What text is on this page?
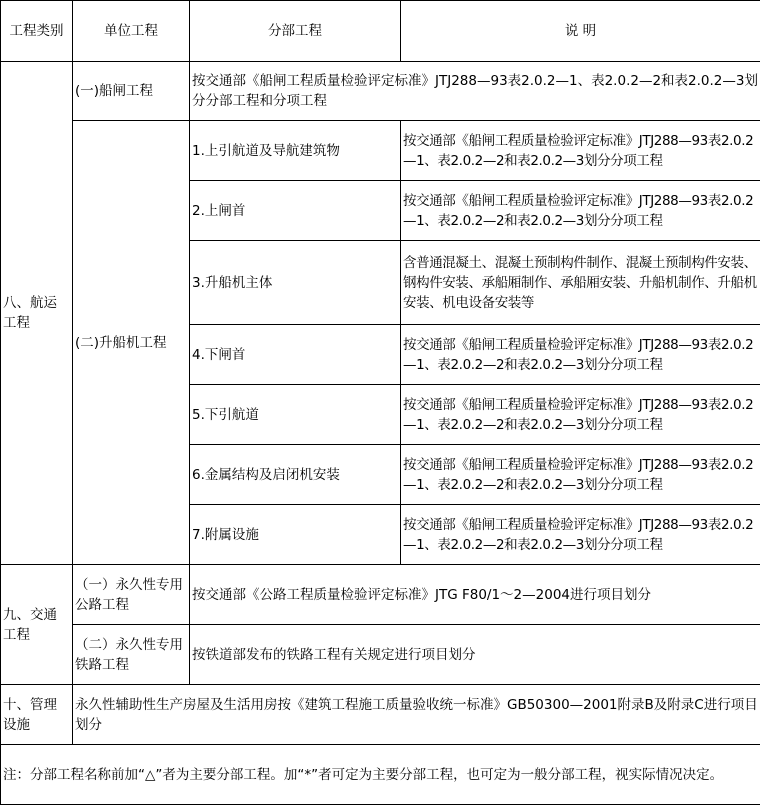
工程类别	单位工程	分部工程	说 明
八、航运工程	(一)船闸工程	按交通部《船闸工程质量检验评定标准》JTJ288—93表2.0.2—1、表2.0.2—2和表2.0.2—3划分分部工程和分项工程	
	(二)升船机工程	1.上引航道及导航建筑物	按交通部《船闸工程质量检验评定标准》JTJ288—93表2.0.2—1、表2.0.2—2和表2.0.2—3划分分项工程
		2.上闸首	按交通部《船闸工程质量检验评定标准》JTJ288—93表2.0.2—1、表2.0.2—2和表2.0.2—3划分分项工程
		3.升船机主体	含普通混凝土、混凝土预制构件制作、混凝土预制构件安装、钢构件安装、承船厢制作、承船厢安装、升船机制作、升船机安装、机电设备安装等
		4.下闸首	按交通部《船闸工程质量检验评定标准》JTJ288—93表2.0.2—1、表2.0.2—2和表2.0.2—3划分分项工程
		5.下引航道	按交通部《船闸工程质量检验评定标准》JTJ288—93表2.0.2—1、表2.0.2—2和表2.0.2—3划分分项工程
		6.金属结构及启闭机安装	按交通部《船闸工程质量检验评定标准》JTJ288—93表2.0.2—1、表2.0.2—2和表2.0.2—3划分分项工程
		7.附属设施	按交通部《船闸工程质量检验评定标准》JTJ288—93表2.0.2—1、表2.0.2—2和表2.0.2—3划分分项工程
九、交通工程	（一）永久性专用公路工程	按交通部《公路工程质量检验评定标准》JTG F80/1～2—2004进行项目划分	
	（二）永久性专用 铁路工程	按铁道部发布的铁路工程有关规定进行项目划分	
十、管理设施	永久性辅助性生产房屋及生活用房按《建筑工程施工质量验收统一标准》GB50300—2001附录B及附录C进行项目划分		
注：分部工程名称前加“△”者为主要分部工程。加“*”者可定为主要分部工程，也可定为一般分部工程，视实际情况决定。			
